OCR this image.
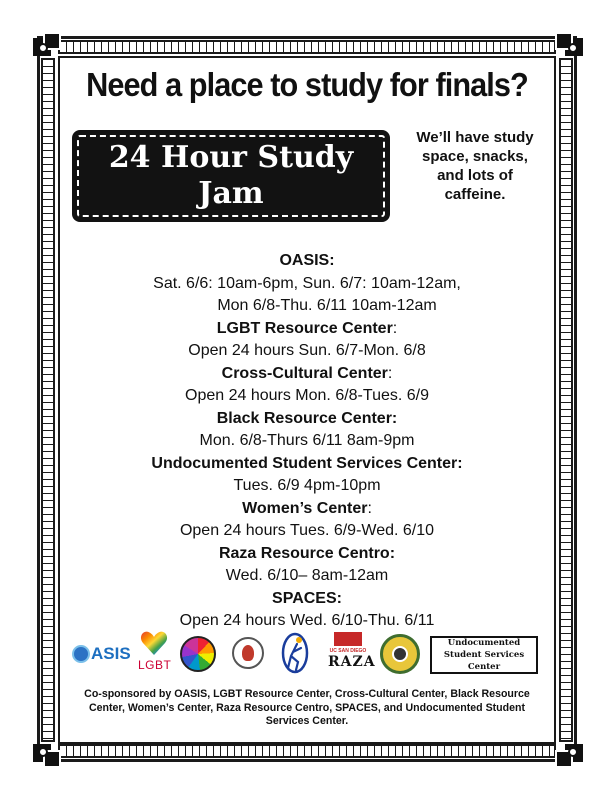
Need a place to study for finals?
24 Hour Study Jam
We’ll have study space, snacks, and lots of caffeine.
OASIS:
Sat. 6/6: 10am-6pm, Sun. 6/7: 10am-12am,
Mon 6/8-Thu. 6/11 10am-12am
LGBT Resource Center:
Open 24 hours Sun. 6/7-Mon. 6/8
Cross-Cultural Center:
Open 24 hours Mon. 6/8-Tues. 6/9
Black Resource Center:
Mon. 6/8-Thurs 6/11 8am-9pm
Undocumented Student Services Center:
Tues. 6/9 4pm-10pm
Women’s Center:
Open 24 hours Tues. 6/9-Wed. 6/10
Raza Resource Centro:
Wed. 6/10– 8am-12am
SPACES:
Open 24 hours Wed. 6/10-Thu. 6/11
ASIS
LGBT
UC SAN DIEGO
RAZA
Undocumented
Student Services Center
Co-sponsored by OASIS, LGBT Resource Center, Cross-Cultural Center, Black Resource Center, Women’s Center, Raza Resource Centro, SPACES, and Undocumented Student Services Center.
